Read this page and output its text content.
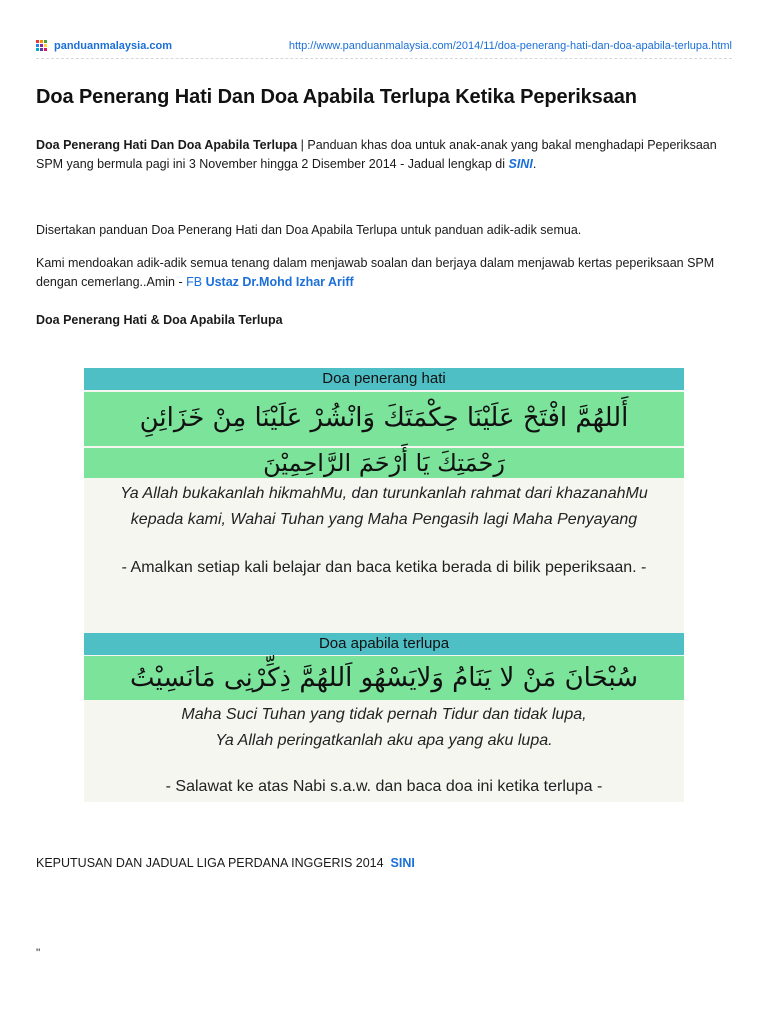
panduanmalaysia.com	http://www.panduanmalaysia.com/2014/11/doa-penerang-hati-dan-doa-apabila-terlupa.html
Doa Penerang Hati Dan Doa Apabila Terlupa Ketika Peperiksaan
Doa Penerang Hati Dan Doa Apabila Terlupa | Panduan khas doa untuk anak-anak yang bakal menghadapi Peperiksaan SPM yang bermula pagi ini 3 November hingga 2 Disember 2014 - Jadual lengkap di SINI.
Disertakan panduan Doa Penerang Hati dan Doa Apabila Terlupa untuk panduan adik-adik semua.
Kami mendoakan adik-adik semua tenang dalam menjawab soalan dan berjaya dalam menjawab kertas peperiksaan SPM dengan cemerlang..Amin - FB Ustaz Dr.Mohd Izhar Ariff
Doa Penerang Hati & Doa Apabila Terlupa
Doa penerang hati
أَللهُمَّ افْتَحْ عَلَيْنَا حِكْمَتَكَ وَانْشُرْ عَلَيْنَا مِنْ خَزَائِنِ
رَحْمَتِكَ يَا أَرْحَمَ الرَّاحِمِيْنَ
Ya Allah bukakanlah hikmahMu, dan turunkanlah rahmat dari khazanahMu
kepada kami, Wahai Tuhan yang Maha Pengasih lagi Maha Penyayang
- Amalkan setiap kali belajar dan baca ketika berada di bilik peperiksaan. -
Doa apabila terlupa
سُبْحَانَ مَنْ لا يَنَامُ وَلايَسْهُو اَللهُمَّ ذِكِّرْنِى مَانَسِيْتُ
Maha Suci Tuhan yang tidak pernah Tidur dan tidak lupa,
Ya Allah peringatkanlah aku apa yang aku lupa.
- Salawat ke atas Nabi s.a.w. dan baca doa ini ketika terlupa -
KEPUTUSAN DAN JADUAL LIGA PERDANA INGGERIS 2014 SINI
"
